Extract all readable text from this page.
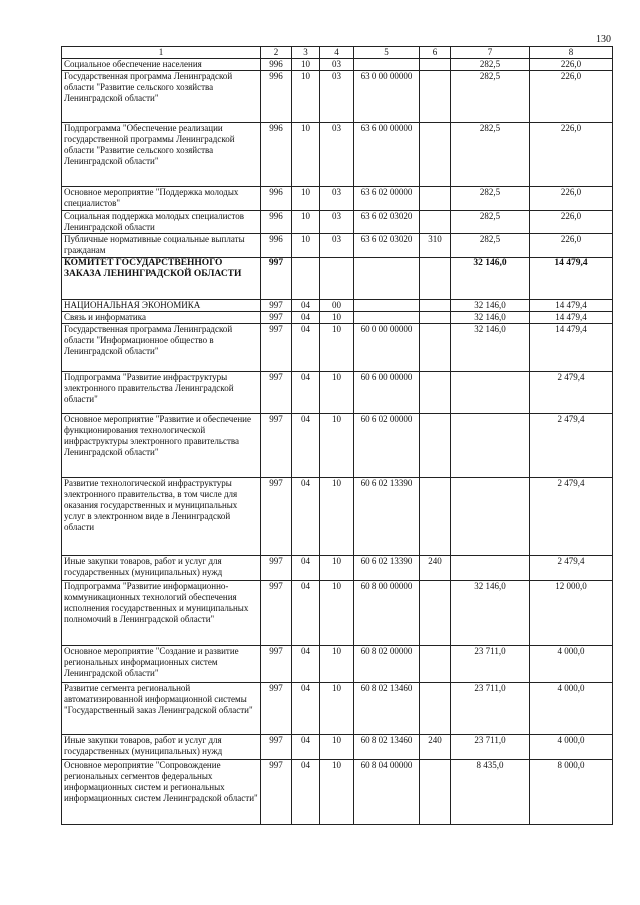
130
1	2	3	4	5	6	7	8
Социальное обеспечение населения	996	10	03			282,5	226,0
Государственная программа Ленинградской области "Развитие сельского хозяйства Ленинградской области"	996	10	03	63 0 00 00000		282,5	226,0
Подпрограмма "Обеспечение реализации государственной программы Ленинградской области "Развитие сельского хозяйства Ленинградской области"	996	10	03	63 6 00 00000		282,5	226,0
Основное мероприятие "Поддержка молодых специалистов"	996	10	03	63 6 02 00000		282,5	226,0
Социальная поддержка молодых специалистов Ленинградской области	996	10	03	63 6 02 03020		282,5	226,0
Публичные нормативные социальные выплаты гражданам	996	10	03	63 6 02 03020	310	282,5	226,0
КОМИТЕТ ГОСУДАРСТВЕННОГО ЗАКАЗА ЛЕНИНГРАДСКОЙ ОБЛАСТИ	997					32 146,0	14 479,4
НАЦИОНАЛЬНАЯ ЭКОНОМИКА	997	04	00			32 146,0	14 479,4
Связь и информатика	997	04	10			32 146,0	14 479,4
Государственная программа Ленинградской области "Информационное общество в Ленинградской области"	997	04	10	60 0 00 00000		32 146,0	14 479,4
Подпрограмма "Развитие инфраструктуры электронного правительства Ленинградской области"	997	04	10	60 6 00 00000			2 479,4
Основное мероприятие "Развитие и обеспечение функционирования технологической инфраструктуры электронного правительства Ленинградской области"	997	04	10	60 6 02 00000			2 479,4
Развитие технологической инфраструктуры электронного правительства, в том числе для оказания государственных и муниципальных услуг в электронном виде в Ленинградской области	997	04	10	60 6 02 13390			2 479,4
Иные закупки товаров, работ и услуг для государственных (муниципальных) нужд	997	04	10	60 6 02 13390	240		2 479,4
Подпрограмма "Развитие информационно-коммуникационных технологий обеспечения исполнения государственных и муниципальных полномочий в Ленинградской области"	997	04	10	60 8 00 00000		32 146,0	12 000,0
Основное мероприятие "Создание и развитие региональных информационных систем Ленинградской области"	997	04	10	60 8 02 00000		23 711,0	4 000,0
Развитие сегмента региональной автоматизированной информационной системы "Государственный заказ Ленинградской области"	997	04	10	60 8 02 13460		23 711,0	4 000,0
Иные закупки товаров, работ и услуг для государственных (муниципальных) нужд	997	04	10	60 8 02 13460	240	23 711,0	4 000,0
Основное мероприятие "Сопровождение региональных сегментов федеральных информационных систем и региональных информационных систем Ленинградской области"	997	04	10	60 8 04 00000		8 435,0	8 000,0
